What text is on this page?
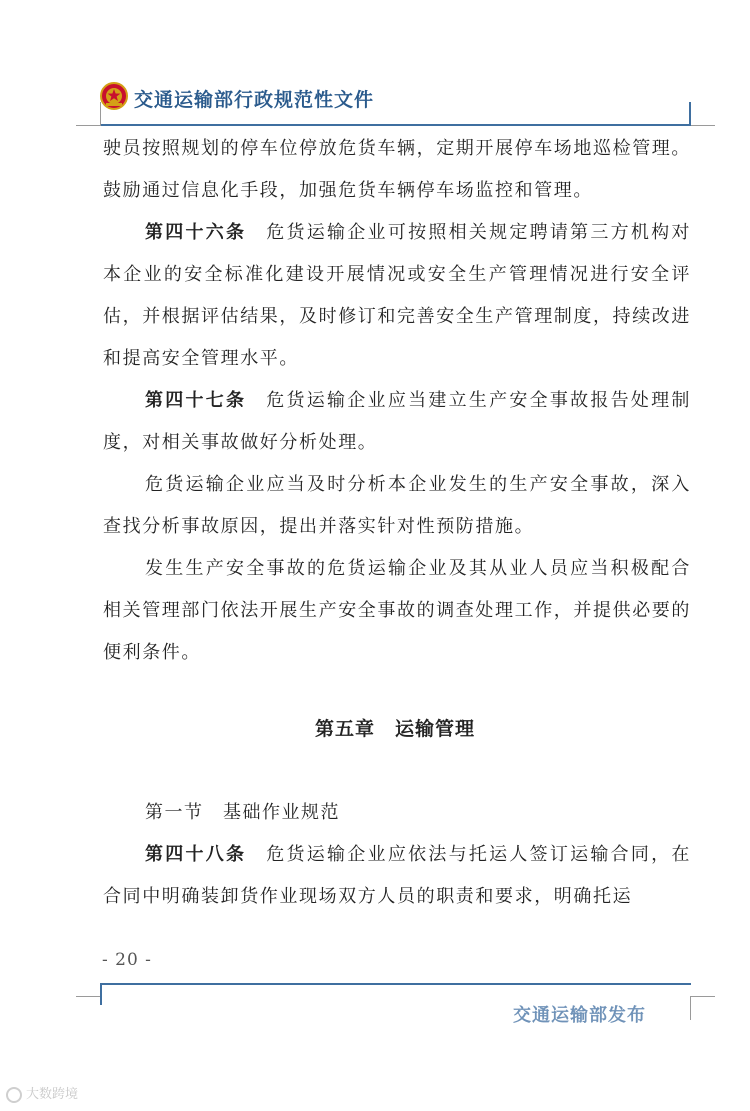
交通运输部行政规范性文件

驶员按照规划的停车位停放危货车辆，定期开展停车场地巡检管理。鼓励通过信息化手段，加强危货车辆停车场监控和管理。

第四十六条 危货运输企业可按照相关规定聘请第三方机构对本企业的安全标准化建设开展情况或安全生产管理情况进行安全评估，并根据评估结果，及时修订和完善安全生产管理制度，持续改进和提高安全管理水平。

第四十七条 危货运输企业应当建立生产安全事故报告处理制度，对相关事故做好分析处理。

危货运输企业应当及时分析本企业发生的生产安全事故，深入查找分析事故原因，提出并落实针对性预防措施。

发生生产安全事故的危货运输企业及其从业人员应当积极配合相关管理部门依法开展生产安全事故的调查处理工作，并提供必要的便利条件。

第五章　运输管理
第一节　基础作业规范

第四十八条 危货运输企业应依法与托运人签订运输合同，在合同中明确装卸货作业现场双方人员的职责和要求，明确托运

- 20 -
交通运输部发布
大数跨境
